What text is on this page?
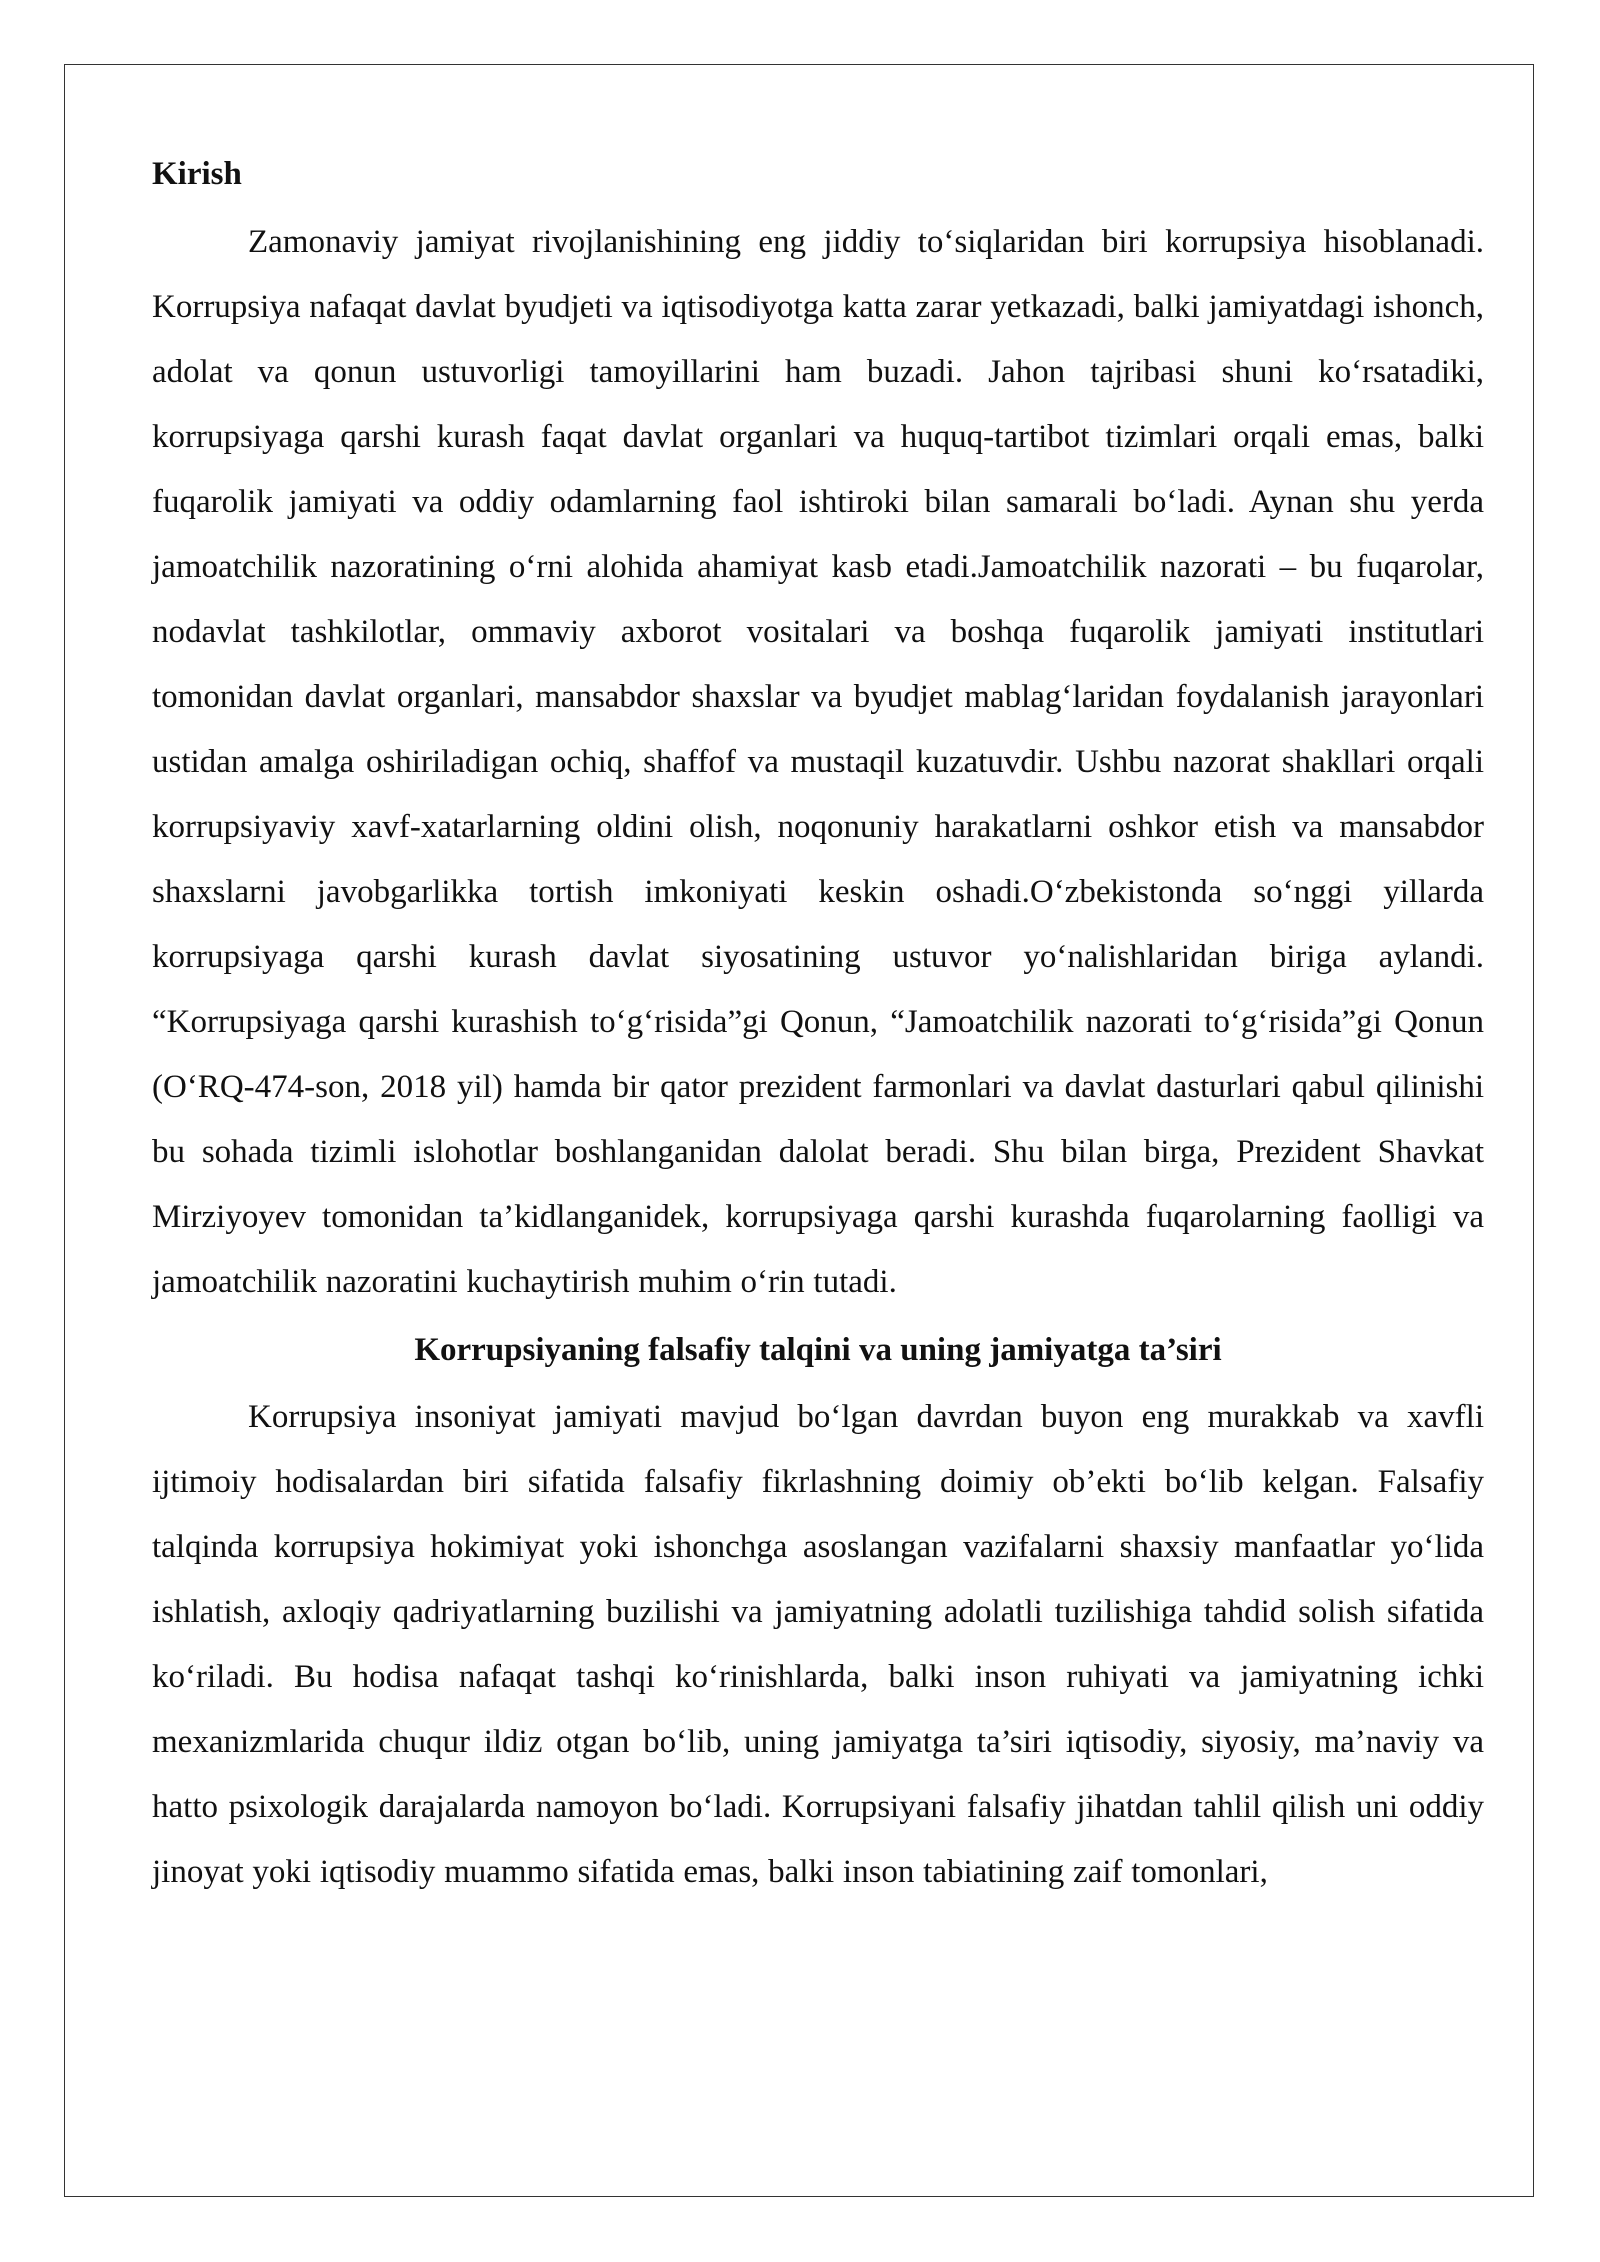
Kirish

Zamonaviy jamiyat rivojlanishining eng jiddiy to‘siqlaridan biri korrupsiya hisoblanadi. Korrupsiya nafaqat davlat byudjeti va iqtisodiyotga katta zarar yetkazadi, balki jamiyatdagi ishonch, adolat va qonun ustuvorligi tamoyillarini ham buzadi. Jahon tajribasi shuni ko‘rsatadiki, korrupsiyaga qarshi kurash faqat davlat organlari va huquq-tartibot tizimlari orqali emas, balki fuqarolik jamiyati va oddiy odamlarning faol ishtiroki bilan samarali bo‘ladi. Aynan shu yerda jamoatchilik nazoratining o‘rni alohida ahamiyat kasb etadi.Jamoatchilik nazorati – bu fuqarolar, nodavlat tashkilotlar, ommaviy axborot vositalari va boshqa fuqarolik jamiyati institutlari tomonidan davlat organlari, mansabdor shaxslar va byudjet mablag‘laridan foydalanish jarayonlari ustidan amalga oshiriladigan ochiq, shaffof va mustaqil kuzatuvdir. Ushbu nazorat shakllari orqali korrupsiyaviy xavf-xatarlarning oldini olish, noqonuniy harakatlarni oshkor etish va mansabdor shaxslarni javobgarlikka tortish imkoniyati keskin oshadi.O‘zbekistonda so‘nggi yillarda korrupsiyaga qarshi kurash davlat siyosatining ustuvor yo‘nalishlaridan biriga aylandi. “Korrupsiyaga qarshi kurashish to‘g‘risida”gi Qonun, “Jamoatchilik nazorati to‘g‘risida”gi Qonun (O‘RQ-474-son, 2018 yil) hamda bir qator prezident farmonlari va davlat dasturlari qabul qilinishi bu sohada tizimli islohotlar boshlanganidan dalolat beradi. Shu bilan birga, Prezident Shavkat Mirziyoyev tomonidan ta’kidlanganidek, korrupsiyaga qarshi kurashda fuqarolarning faolligi va jamoatchilik nazoratini kuchaytirish muhim o‘rin tutadi.

Korrupsiyaning falsafiy talqini va uning jamiyatga ta’siri

Korrupsiya insoniyat jamiyati mavjud bo‘lgan davrdan buyon eng murakkab va xavfli ijtimoiy hodisalardan biri sifatida falsafiy fikrlashning doimiy ob’ekti bo‘lib kelgan. Falsafiy talqinda korrupsiya hokimiyat yoki ishonchga asoslangan vazifalarni shaxsiy manfaatlar yo‘lida ishlatish, axloqiy qadriyatlarning buzilishi va jamiyatning adolatli tuzilishiga tahdid solish sifatida ko‘riladi. Bu hodisa nafaqat tashqi ko‘rinishlarda, balki inson ruhiyati va jamiyatning ichki mexanizmlarida chuqur ildiz otgan bo‘lib, uning jamiyatga ta’siri iqtisodiy, siyosiy, ma’naviy va hatto psixologik darajalarda namoyon bo‘ladi. Korrupsiyani falsafiy jihatdan tahlil qilish uni oddiy jinoyat yoki iqtisodiy muammo sifatida emas, balki inson tabiatining zaif tomonlari,
